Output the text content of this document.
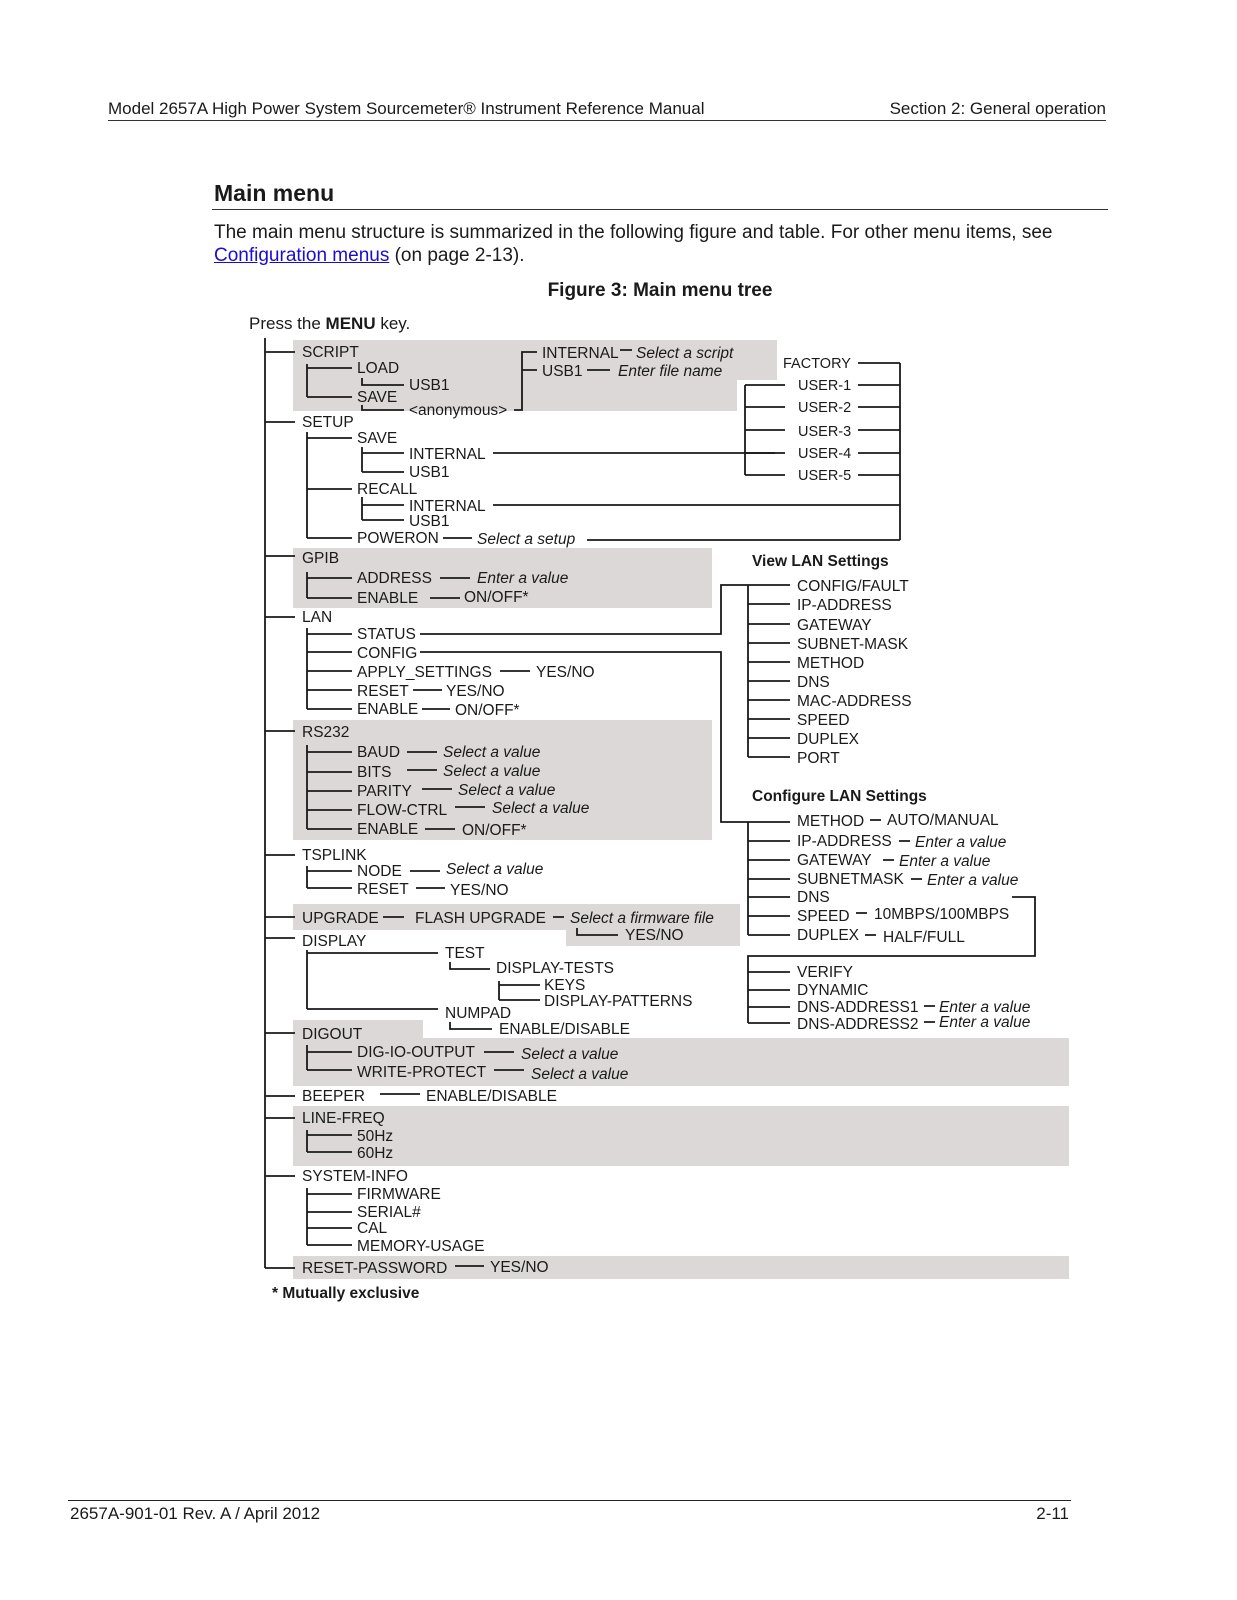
Model 2657A High Power System Sourcemeter® Instrument Reference Manual	Section 2: General operation
Main menu

The main menu structure is summarized in the following figure and table. For other menu items, see Configuration menus (on page 2-13).

Figure 3: Main menu tree
Press the MENU key.
SCRIPT
LOAD
USB1
SAVE
<anonymous>
INTERNAL Select a script
USB1 Enter file name
SETUP
SAVE
INTERNAL
USB1
RECALL
INTERNAL
USB1
POWERON Select a setup
FACTORY
USER-1
USER-2
USER-3
USER-4
USER-5
GPIB
ADDRESS	Enter a value
ENABLE	ON/OFF*
LAN
STATUS
CONFIG
APPLY_SETTINGS	YES/NO
RESET YES/NO
ENABLE ON/OFF*
View LAN Settings
CONFIG/FAULT
IP-ADDRESS
GATEWAY
SUBNET-MASK
METHOD
DNS
MAC-ADDRESS
SPEED
DUPLEX
PORT
Configure LAN Settings
METHOD AUTO/MANUAL
IP-ADDRESS Enter a value
GATEWAY Enter a value
SUBNETMASK Enter a value
DNS
SPEED 10MBPS/100MBPS
DUPLEX HALF/FULL
VERIFY
DYNAMIC
DNS-ADDRESS1 Enter a value
DNS-ADDRESS2 Enter a value
RS232
BAUD	Select a value
BITS	Select a value
PARITY	Select a value
FLOW-CTRL	Select a value
ENABLE	ON/OFF*
TSPLINK
NODE	Select a value
RESET	YES/NO
UPGRADE FLASH UPGRADE Select a firmware file
YES/NO
DISPLAY
TEST
DISPLAY-TESTS
KEYS
DISPLAY-PATTERNS
NUMPAD
ENABLE/DISABLE
DIGOUT
DIG-IO-OUTPUT	Select a value
WRITE-PROTECT	Select a value
BEEPER	ENABLE/DISABLE
LINE-FREQ
50Hz
60Hz
SYSTEM-INFO
FIRMWARE
SERIAL#
CAL
MEMORY-USAGE
RESET-PASSWORD	YES/NO
* Mutually exclusive
2657A-901-01 Rev. A / April 2012	2-11
